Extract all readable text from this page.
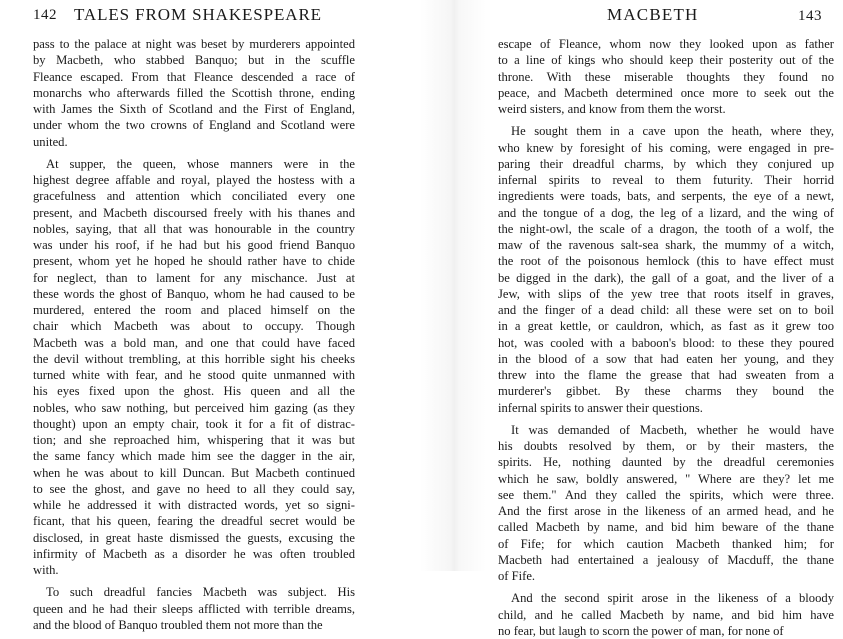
142 TALES FROM SHAKESPEARE
pass to the palace at night was beset by murderers appointed
by Macbeth, who stabbed Banquo; but in the scuffle
Fleance escaped. From that Fleance descended a race of
monarchs who afterwards filled the Scottish throne, ending
with James the Sixth of Scotland and the First of England,
under whom the two crowns of England and Scotland were
united.
At supper, the queen, whose manners were in the
highest degree affable and royal, played the hostess with a
gracefulness and attention which conciliated every one
present, and Macbeth discoursed freely with his thanes and
nobles, saying, that all that was honourable in the country
was under his roof, if he had but his good friend Banquo
present, whom yet he hoped he should rather have to chide
for neglect, than to lament for any mischance. Just at
these words the ghost of Banquo, whom he had caused to be
murdered, entered the room and placed himself on the
chair which Macbeth was about to occupy. Though
Macbeth was a bold man, and one that could have faced
the devil without trembling, at this horrible sight his cheeks
turned white with fear, and he stood quite unmanned with
his eyes fixed upon the ghost. His queen and all the
nobles, who saw nothing, but perceived him gazing (as they
thought) upon an empty chair, took it for a fit of distrac-
tion; and she reproached him, whispering that it was but
the same fancy which made him see the dagger in the air,
when he was about to kill Duncan. But Macbeth continued
to see the ghost, and gave no heed to all they could say,
while he addressed it with distracted words, yet so signi-
ficant, that his queen, fearing the dreadful secret would be
disclosed, in great haste dismissed the guests, excusing the
infirmity of Macbeth as a disorder he was often troubled
with.
To such dreadful fancies Macbeth was subject. His
queen and he had their sleeps afflicted with terrible dreams,
and the blood of Banquo troubled them not more than the
MACBETH	143
escape of Fleance, whom now they looked upon as father
to a line of kings who should keep their posterity out of the
throne. With these miserable thoughts they found no
peace, and Macbeth determined once more to seek out the
weird sisters, and know from them the worst.
He sought them in a cave upon the heath, where they,
who knew by foresight of his coming, were engaged in pre-
paring their dreadful charms, by which they conjured up
infernal spirits to reveal to them futurity. Their horrid
ingredients were toads, bats, and serpents, the eye of a newt,
and the tongue of a dog, the leg of a lizard, and the wing of
the night-owl, the scale of a dragon, the tooth of a wolf, the
maw of the ravenous salt-sea shark, the mummy of a witch,
the root of the poisonous hemlock (this to have effect must
be digged in the dark), the gall of a goat, and the liver of a
Jew, with slips of the yew tree that roots itself in graves,
and the finger of a dead child: all these were set on to boil
in a great kettle, or cauldron, which, as fast as it grew too
hot, was cooled with a baboon's blood: to these they poured
in the blood of a sow that had eaten her young, and they
threw into the flame the grease that had sweaten from a
murderer's gibbet. By these charms they bound the
infernal spirits to answer their questions.
It was demanded of Macbeth, whether he would have
his doubts resolved by them, or by their masters, the
spirits. He, nothing daunted by the dreadful ceremonies
which he saw, boldly answered, " Where are they? let me
see them." And they called the spirits, which were three.
And the first arose in the likeness of an armed head, and he
called Macbeth by name, and bid him beware of the thane
of Fife; for which caution Macbeth thanked him; for
Macbeth had entertained a jealousy of Macduff, the thane
of Fife.
And the second spirit arose in the likeness of a bloody
child, and he called Macbeth by name, and bid him have
no fear, but laugh to scorn the power of man, for none of
